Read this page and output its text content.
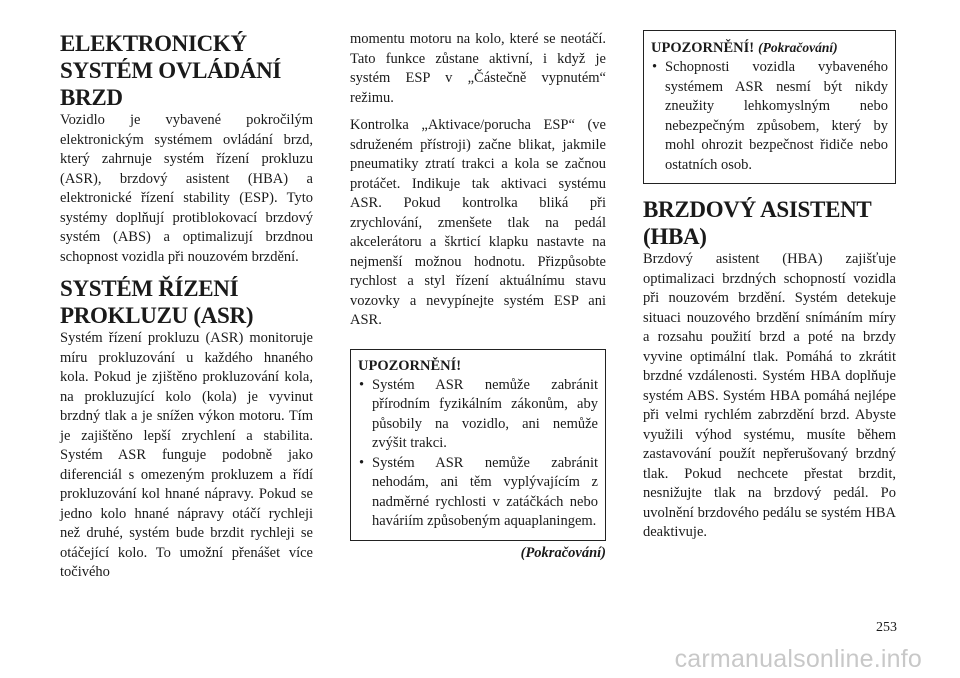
ELEKTRONICKÝ SYSTÉM OVLÁDÁNÍ BRZD

Vozidlo je vybavené pokročilým elektronickým systémem ovládání brzd, který zahrnuje systém řízení prokluzu (ASR), brzdový asistent (HBA) a elektronické řízení stability (ESP). Tyto systémy doplňují protiblokovací brzdový systém (ABS) a optimalizují brzdnou schopnost vozidla při nouzovém brzdění.

SYSTÉM ŘÍZENÍ PROKLUZU (ASR)

Systém řízení prokluzu (ASR) monitoruje míru prokluzování u každého hnaného kola. Pokud je zjištěno prokluzování kola, na prokluzující kolo (kola) je vyvinut brzdný tlak a je snížen výkon motoru. Tím je zajištěno lepší zrychlení a stabilita. Systém ASR funguje podobně jako diferenciál s omezeným prokluzem a řídí prokluzování kol hnané nápravy. Pokud se jedno kolo hnané nápravy otáčí rychleji než druhé, systém bude brzdit rychleji se otáčející kolo. To umožní přenášet více točivého

momentu motoru na kolo, které se neotáčí. Tato funkce zůstane aktivní, i když je systém ESP v „Částečně vypnutém“ režimu.

Kontrolka „Aktivace/porucha ESP“ (ve sdruženém přístroji) začne blikat, jakmile pneumatiky ztratí trakci a kola se začnou protáčet. Indikuje tak aktivaci systému ASR. Pokud kontrolka bliká při zrychlování, zmenšete tlak na pedál akcelerátoru a škrticí klapku nastavte na nejmenší možnou hodnotu. Přizpůsobte rychlost a styl řízení aktuálnímu stavu vozovky a nevypínejte systém ESP ani ASR.

UPOZORNĚNÍ!
• Systém ASR nemůže zabránit přírodním fyzikálním zákonům, aby působily na vozidlo, ani nemůže zvýšit trakci.
• Systém ASR nemůže zabránit nehodám, ani těm vyplývajícím z nadměrné rychlosti v zatáčkách nebo haváriím způsobeným aquaplaningem.
(Pokračování)
UPOZORNĚNÍ! (Pokračování)
• Schopnosti vozidla vybaveného systémem ASR nesmí být nikdy zneužity lehkomyslným nebo nebezpečným způsobem, který by mohl ohrozit bezpečnost řidiče nebo ostatních osob.
BRZDOVÝ ASISTENT (HBA)

Brzdový asistent (HBA) zajišťuje optimalizaci brzdných schopností vozidla při nouzovém brzdění. Systém detekuje situaci nouzového brzdění snímáním míry a rozsahu použití brzd a poté na brzdy vyvine optimální tlak. Pomáhá to zkrátit brzdné vzdálenosti. Systém HBA doplňuje systém ABS. Systém HBA pomáhá nejlépe při velmi rychlém zabrzdění brzd. Abyste využili výhod systému, musíte během zastavování použít nepřerušovaný brzdný tlak. Pokud nechcete přestat brzdit, nesnižujte tlak na brzdový pedál. Po uvolnění brzdového pedálu se systém HBA deaktivuje.

253
carmanualsonline.info
